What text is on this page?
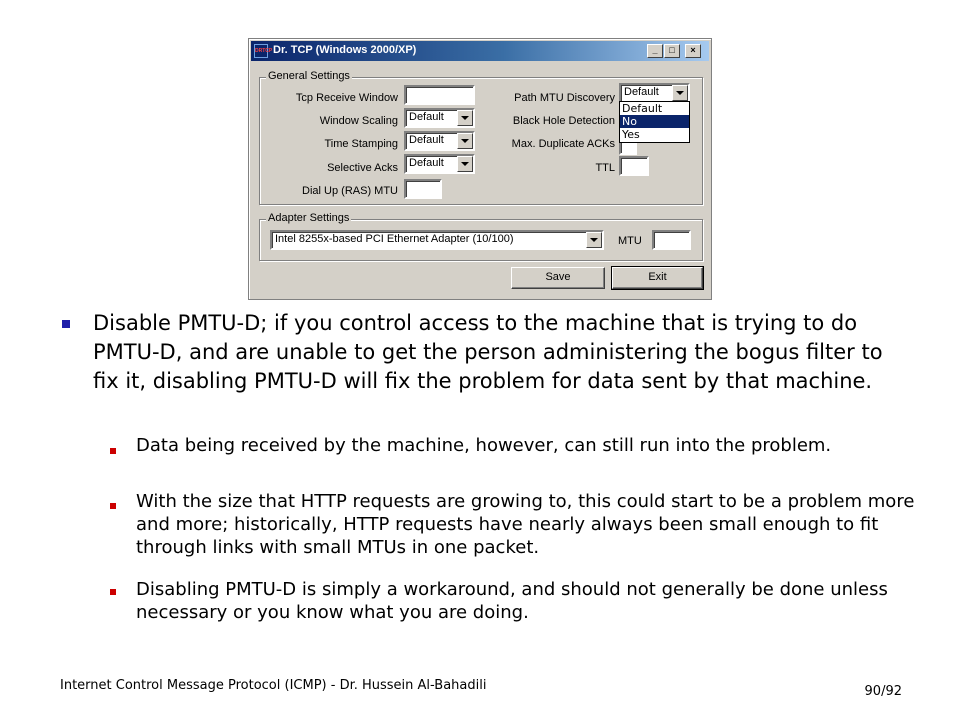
DRTCP Dr. TCP (Windows 2000/XP)	_	□	×
General Settings
Tcp Receive Window
Window Scaling Default
Time Stamping Default
Selective Acks Default
Dial Up (RAS) MTU
Path MTU Discovery Default
Black Hole Detection
Max. Duplicate ACKs
TTL
Adapter Settings
Intel 8255x-based PCI Ethernet Adapter (10/100)	MTU
Save	Exit
Default
No
Yes
Disable PMTU-D; if you control access to the machine that is trying to do PMTU-D, and are unable to get the person administering the bogus filter to fix it, disabling PMTU-D will fix the problem for data sent by that machine.
Data being received by the machine, however, can still run into the problem.
With the size that HTTP requests are growing to, this could start to be a problem more and more; historically, HTTP requests have nearly always been small enough to fit through links with small MTUs in one packet.
Disabling PMTU-D is simply a workaround, and should not generally be done unless necessary or you know what you are doing.
Internet Control Message Protocol (ICMP) - Dr. Hussein Al-Bahadili	90/92
